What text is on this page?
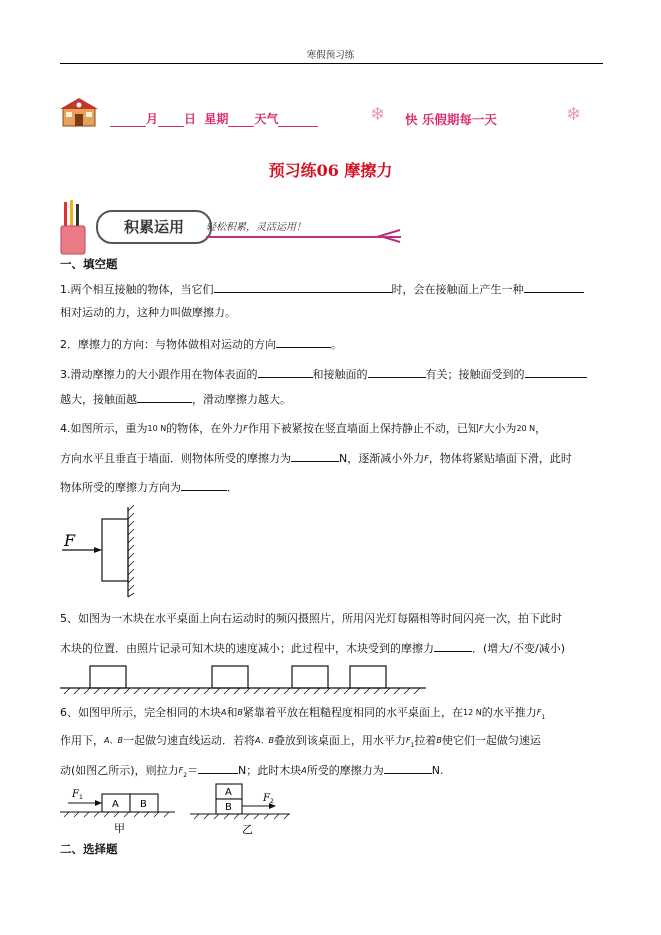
寒假预习练
月 日 星期 天气	❄ 快 乐假期每一天	❄
预习练06 摩擦力
积累运用	轻松积累，灵活运用！
一、填空题
1.两个相互接触的物体，当它们	时，会在接触面上产生一种
相对运动的力，这种力叫做摩擦力。
2．摩擦力的方向：与物体做相对运动的方向	。
3.滑动摩擦力的大小跟作用在物体表面的	和接触面的	有关；接触面受到的
越大，接触面越	，滑动摩擦力越大。
4.如图所示，重为10 N的物体，在外力F作用下被紧按在竖直墙面上保持静止不动，已知F大小为20 N，
方向水平且垂直于墙面．则物体所受的摩擦力为	N，逐渐减小外力F，物体将紧贴墙面下滑，此时
物体所受的摩擦力方向为	．
F
5、如图为一木块在水平桌面上向右运动时的频闪摄照片，所用闪光灯每隔相等时间闪亮一次，拍下此时
木块的位置．由照片记录可知木块的速度减小；此过程中，木块受到的摩擦力	．(增大/不变/减小)
6、如图甲所示，完全相同的木块A和B紧靠着平放在粗糙程度相同的水平桌面上，在12 N的水平推力$F_1$
作用下，A、B一起做匀速直线运动．若将A、B叠放到该桌面上，用水平力$F_1$拉着B使它们一起做匀速运
动(如图乙所示)，则拉力$F_2=$	N；此时木块A所受的摩擦力为	N.
A B
F 1
甲
A
B
F 2
乙
二、选择题
